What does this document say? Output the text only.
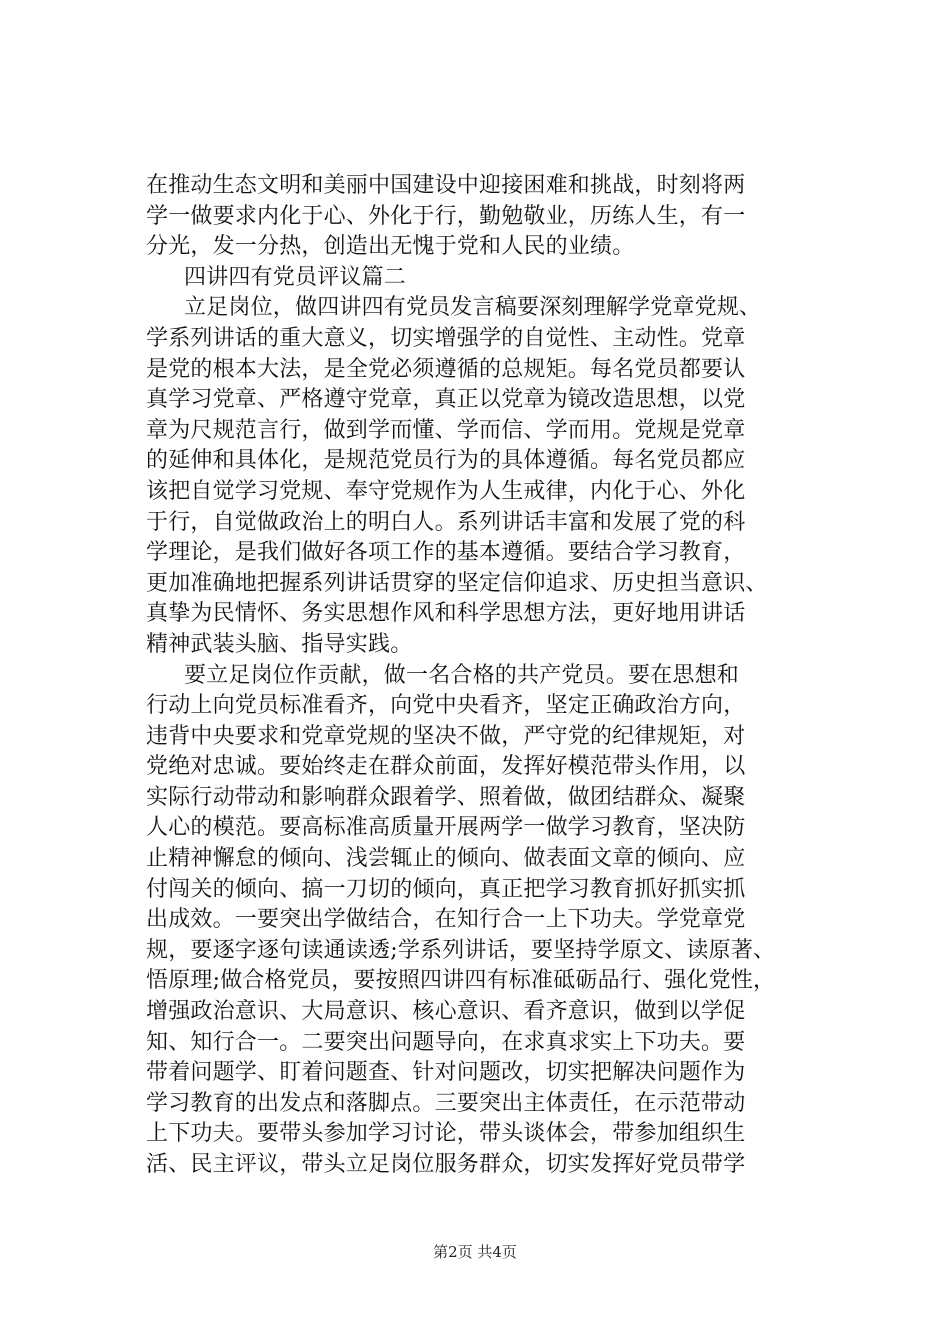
在推动生态文明和美丽中国建设中迎接困难和挑战，时刻将两
学一做要求内化于心、外化于行，勤勉敬业，历练人生，有一
分光，发一分热，创造出无愧于党和人民的业绩。
四讲四有党员评议篇二
立足岗位，做四讲四有党员发言稿要深刻理解学党章党规、
学系列讲话的重大意义，切实增强学的自觉性、主动性。党章
是党的根本大法，是全党必须遵循的总规矩。每名党员都要认
真学习党章、严格遵守党章，真正以党章为镜改造思想，以党
章为尺规范言行，做到学而懂、学而信、学而用。党规是党章
的延伸和具体化，是规范党员行为的具体遵循。每名党员都应
该把自觉学习党规、奉守党规作为人生戒律，内化于心、外化
于行，自觉做政治上的明白人。系列讲话丰富和发展了党的科
学理论，是我们做好各项工作的基本遵循。要结合学习教育，
更加准确地把握系列讲话贯穿的坚定信仰追求、历史担当意识、
真挚为民情怀、务实思想作风和科学思想方法，更好地用讲话
精神武装头脑、指导实践。
要立足岗位作贡献，做一名合格的共产党员。要在思想和
行动上向党员标准看齐，向党中央看齐，坚定正确政治方向，
违背中央要求和党章党规的坚决不做，严守党的纪律规矩，对
党绝对忠诚。要始终走在群众前面，发挥好模范带头作用，以
实际行动带动和影响群众跟着学、照着做，做团结群众、凝聚
人心的模范。要高标准高质量开展两学一做学习教育，坚决防
止精神懈怠的倾向、浅尝辄止的倾向、做表面文章的倾向、应
付闯关的倾向、搞一刀切的倾向，真正把学习教育抓好抓实抓
出成效。一要突出学做结合，在知行合一上下功夫。学党章党
规，要逐字逐句读通读透;学系列讲话，要坚持学原文、读原著、
悟原理;做合格党员，要按照四讲四有标准砥砺品行、强化党性，
增强政治意识、大局意识、核心意识、看齐意识，做到以学促
知、知行合一。二要突出问题导向，在求真求实上下功夫。要
带着问题学、盯着问题查、针对问题改，切实把解决问题作为
学习教育的出发点和落脚点。三要突出主体责任，在示范带动
上下功夫。要带头参加学习讨论，带头谈体会，带参加组织生
活、民主评议，带头立足岗位服务群众，切实发挥好党员带学
第2页 共4页
